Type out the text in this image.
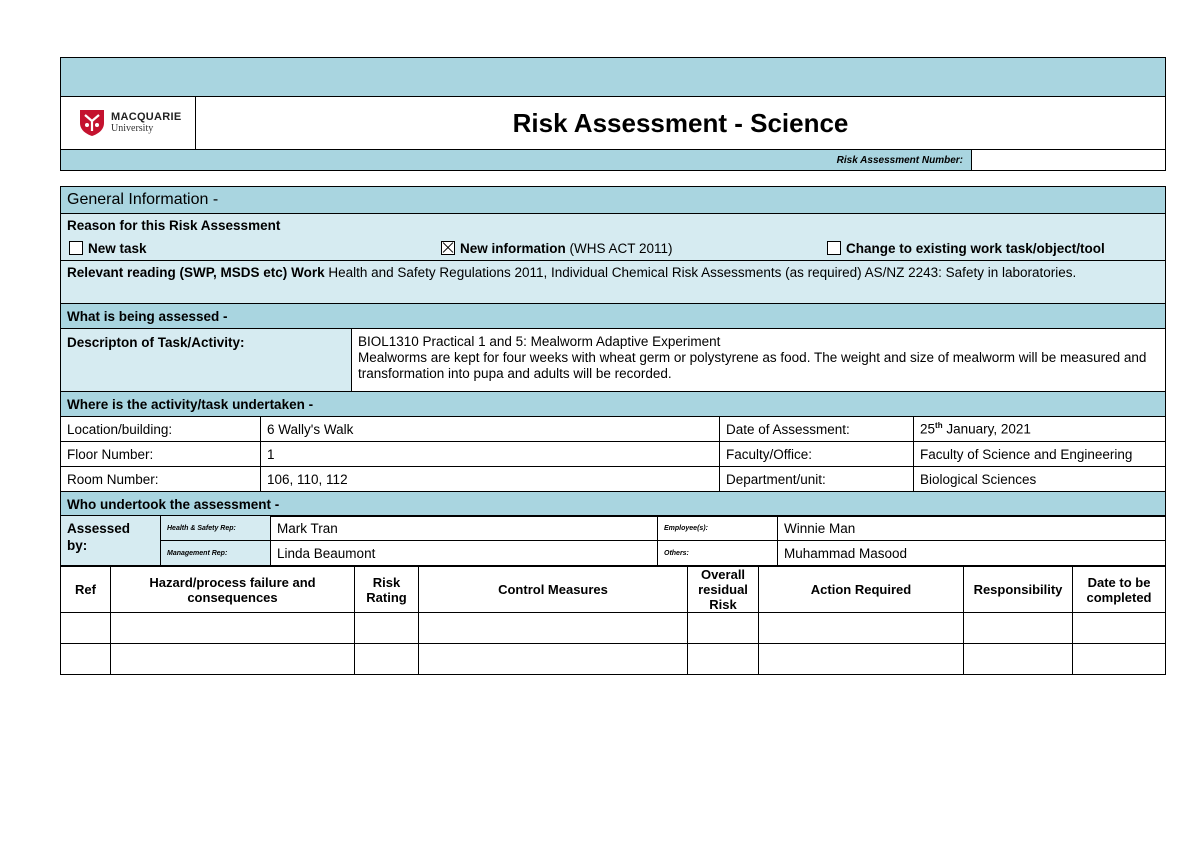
MACQUARIE
University	Risk Assessment - Science	
Risk Assessment Number:		
General Information -				
Reason for this Risk Assessment				

New task New information (WHS ACT 2011) Change to existing work task/object/tool				

Relevant reading (SWP, MSDS etc) Work Health and Safety Regulations 2011, Individual Chemical Risk Assessments (as required) AS/NZ 2243: Safety in laboratories.				
What is being assessed -				
Descripton of Task/Activity:		BIOL1310 Practical 1 and 5: Mealworm Adaptive Experiment
Mealworms are kept for four weeks with wheat germ or polystyrene as food. The weight and size of mealworm will be measured and transformation into pupa and adults will be recorded.		

Where is the activity/task undertaken -				
Location/building:	6 Wally's Walk		Date of Assessment:	25th January, 2021
Floor Number:	1		Faculty/Office:	Faculty of Science and Engineering
Room Number:	106, 110, 112		Department/unit:	Biological Sciences
Who undertook the assessment -				
Assessed by:	Health & Safety Rep:	Mark Tran	Employee(s):	Winnie Man
	Management Rep:	Linda Beaumont	Others:	Muhammad Masood
Ref	Hazard/process failure and consequences	Risk Rating	Control Measures	Overall residual Risk	Action Required	Responsibility	Date to be completed
